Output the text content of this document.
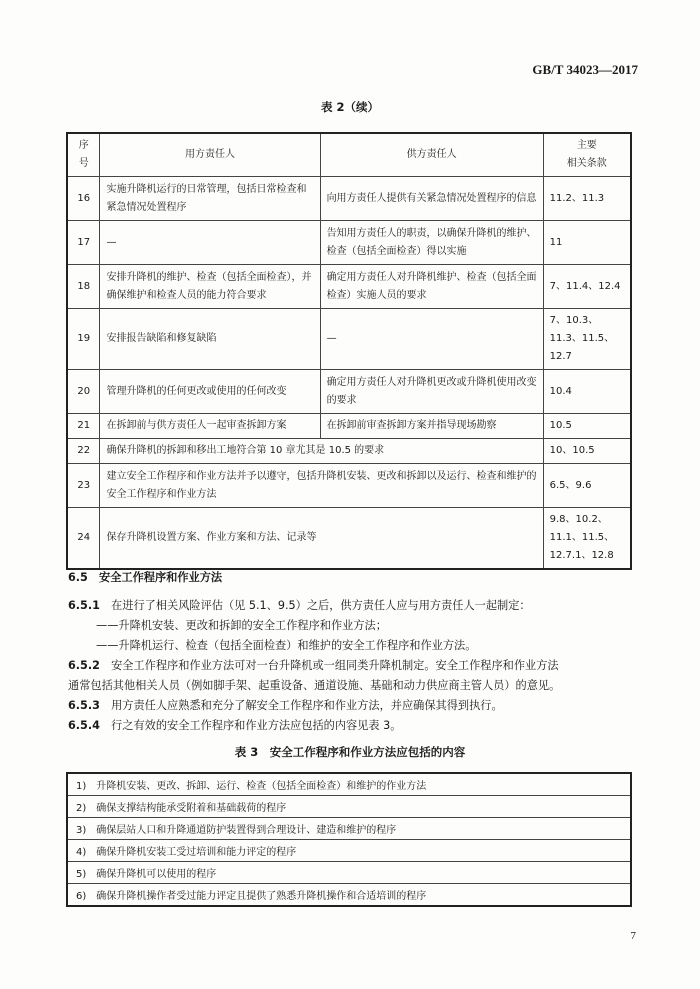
GB/T 34023—2017
表 2（续）
序号	用方责任人	供方责任人	主要
相关条款
16	实施升降机运行的日常管理，包括日常检查和紧急情况处置程序	向用方责任人提供有关紧急情况处置程序的信息	11.2、11.3
17	—	告知用方责任人的职责，以确保升降机的维护、检查（包括全面检查）得以实施	11
18	安排升降机的维护、检查（包括全面检查），并确保维护和检查人员的能力符合要求	确定用方责任人对升降机维护、检查（包括全面检查）实施人员的要求	7、11.4、12.4
19	安排报告缺陷和修复缺陷	—	7、10.3、11.3、11.5、12.7
20	管理升降机的任何更改或使用的任何改变	确定用方责任人对升降机更改或升降机使用改变的要求	10.4
21	在拆卸前与供方责任人一起审查拆卸方案	在拆卸前审查拆卸方案并指导现场勘察	10.5
22	确保升降机的拆卸和移出工地符合第 10 章尤其是 10.5 的要求		10、10.5
23	建立安全工作程序和作业方法并予以遵守，包括升降机安装、更改和拆卸以及运行、检查和维护的安全工作程序和作业方法		6.5、9.6
24	保存升降机设置方案、作业方案和方法、记录等		9.8、10.2、11.1、11.5、12.7.1、12.8
6.5　 安全工作程序和作业方法
6.5.1　 在进行了相关风险评估（见 5.1、9.5）之后，供方责任人应与用方责任人一起制定：
——升降机安装、更改和拆卸的安全工作程序和作业方法；
——升降机运行、检查（包括全面检查）和维护的安全工作程序和作业方法。
6.5.2　 安全工作程序和作业方法可对一台升降机或一组同类升降机制定。安全工作程序和作业方法
通常包括其他相关人员（例如脚手架、起重设备、通道设施、基础和动力供应商主管人员）的意见。
6.5.3　 用方责任人应熟悉和充分了解安全工作程序和作业方法，并应确保其得到执行。
6.5.4　 行之有效的安全工作程序和作业方法应包括的内容见表 3。
表 3　安全工作程序和作业方法应包括的内容
1)　升降机安装、更改、拆卸、运行、检查（包括全面检查）和维护的作业方法
2)　确保支撑结构能承受附着和基础载荷的程序
3)　确保层站人口和升降通道防护装置得到合理设计、建造和维护的程序
4)　确保升降机安装工受过培训和能力评定的程序
5)　确保升降机可以使用的程序
6)　确保升降机操作者受过能力评定且提供了熟悉升降机操作和合适培训的程序
7
